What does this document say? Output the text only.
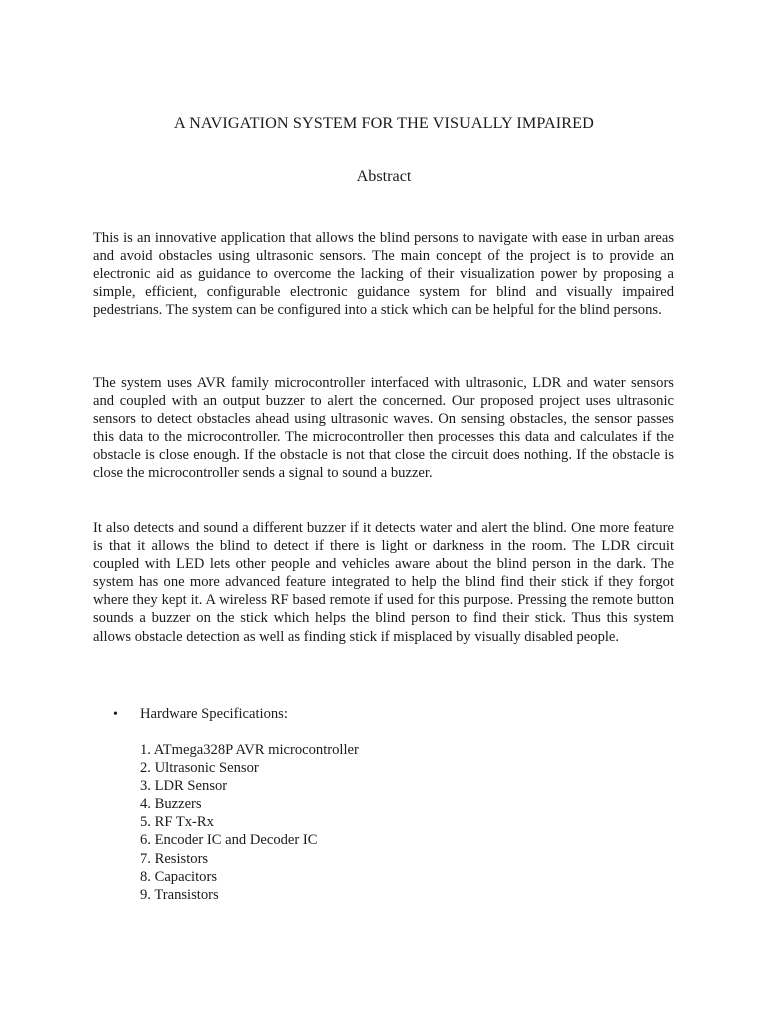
A NAVIGATION SYSTEM FOR THE VISUALLY IMPAIRED
Abstract

This is an innovative application that allows the blind persons to navigate with ease in urban areas and avoid obstacles using ultrasonic sensors. The main concept of the project is to provide an electronic aid as guidance to overcome the lacking of their visualization power by proposing a simple, efficient, configurable electronic guidance system for blind and visually impaired pedestrians. The system can be configured into a stick which can be helpful for the blind persons.

The system uses AVR family microcontroller interfaced with ultrasonic, LDR and water sensors and coupled with an output buzzer to alert the concerned. Our proposed project uses ultrasonic sensors to detect obstacles ahead using ultrasonic waves. On sensing obstacles, the sensor passes this data to the microcontroller. The microcontroller then processes this data and calculates if the obstacle is close enough. If the obstacle is not that close the circuit does nothing. If the obstacle is close the microcontroller sends a signal to sound a buzzer.

It also detects and sound a different buzzer if it detects water and alert the blind. One more feature is that it allows the blind to detect if there is light or darkness in the room. The LDR circuit coupled with LED lets other people and vehicles aware about the blind person in the dark. The system has one more advanced feature integrated to help the blind find their stick if they forgot where they kept it. A wireless RF based remote if used for this purpose. Pressing the remote button sounds a buzzer on the stick which helps the blind person to find their stick. Thus this system allows obstacle detection as well as finding stick if misplaced by visually disabled people.

•	Hardware Specifications:
1. ATmega328P AVR microcontroller
2. Ultrasonic Sensor
3. LDR Sensor
4. Buzzers
5. RF Tx-Rx
6. Encoder IC and Decoder IC
7. Resistors
8. Capacitors
9. Transistors
